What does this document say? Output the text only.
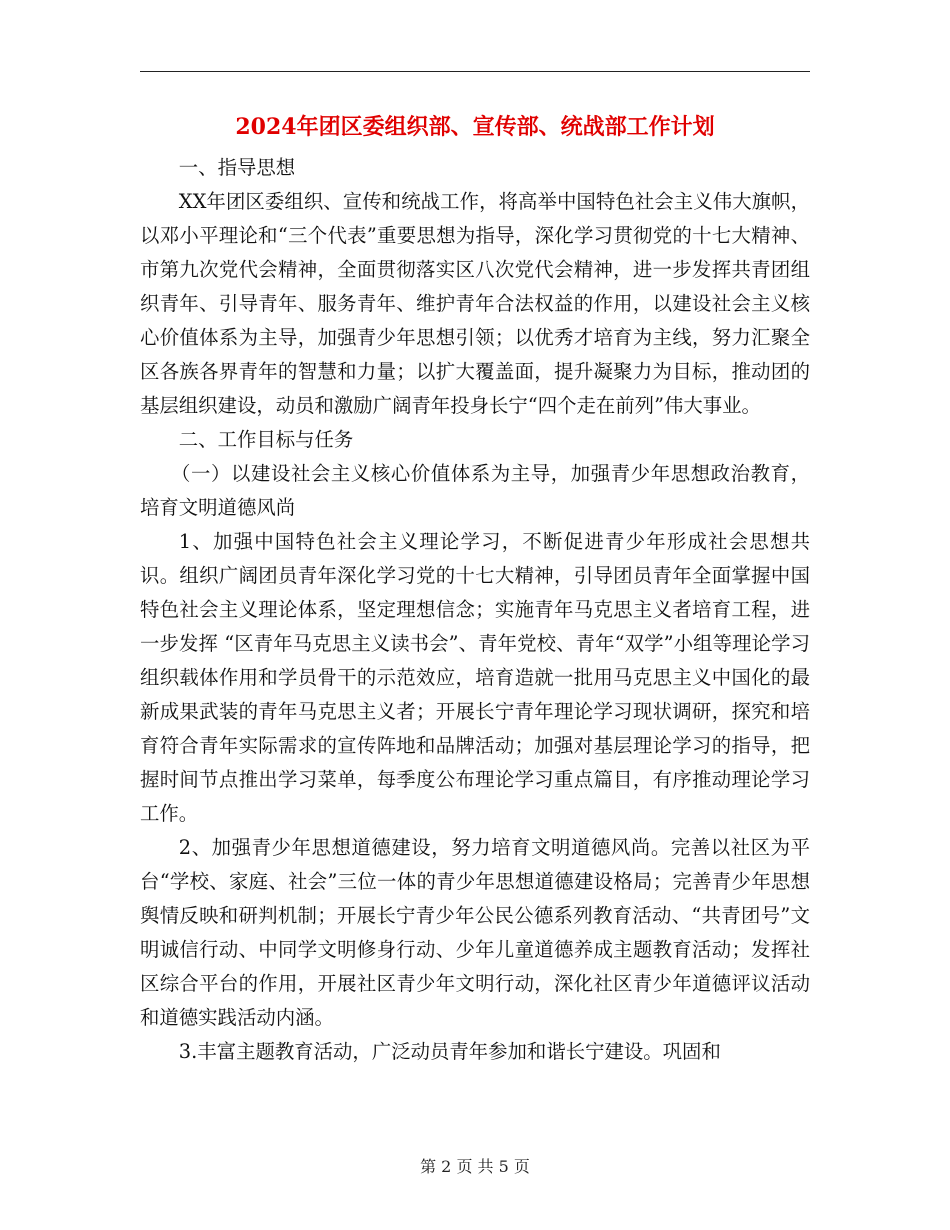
2024年团区委组织部、宣传部、统战部工作计划

一、指导思想

XX年团区委组织、宣传和统战工作，将高举中国特色社会主义伟大旗帜，以邓小平理论和“三个代表”重要思想为指导，深化学习贯彻党的十七大精神、市第九次党代会精神，全面贯彻落实区八次党代会精神，进一步发挥共青团组织青年、引导青年、服务青年、维护青年合法权益的作用，以建设社会主义核心价值体系为主导，加强青少年思想引领；以优秀才培育为主线，努力汇聚全区各族各界青年的智慧和力量；以扩大覆盖面，提升凝聚力为目标，推动团的基层组织建设，动员和激励广阔青年投身长宁“四个走在前列”伟大事业。

二、工作目标与任务

（一）以建设社会主义核心价值体系为主导，加强青少年思想政治教育，培育文明道德风尚

1、加强中国特色社会主义理论学习，不断促进青少年形成社会思想共识。组织广阔团员青年深化学习党的十七大精神，引导团员青年全面掌握中国特色社会主义理论体系，坚定理想信念；实施青年马克思主义者培育工程，进一步发挥 “区青年马克思主义读书会”、青年党校、青年“双学”小组等理论学习组织载体作用和学员骨干的示范效应，培育造就一批用马克思主义中国化的最新成果武装的青年马克思主义者；开展长宁青年理论学习现状调研，探究和培育符合青年实际需求的宣传阵地和品牌活动；加强对基层理论学习的指导，把握时间节点推出学习菜单，每季度公布理论学习重点篇目，有序推动理论学习工作。

2、加强青少年思想道德建设，努力培育文明道德风尚。完善以社区为平台“学校、家庭、社会”三位一体的青少年思想道德建设格局；完善青少年思想舆情反映和研判机制；开展长宁青少年公民公德系列教育活动、“共青团号”文明诚信行动、中同学文明修身行动、少年儿童道德养成主题教育活动；发挥社区综合平台的作用，开展社区青少年文明行动，深化社区青少年道德评议活动和道德实践活动内涵。

3.丰富主题教育活动，广泛动员青年参加和谐长宁建设。巩固和

第 2 页 共 5 页
